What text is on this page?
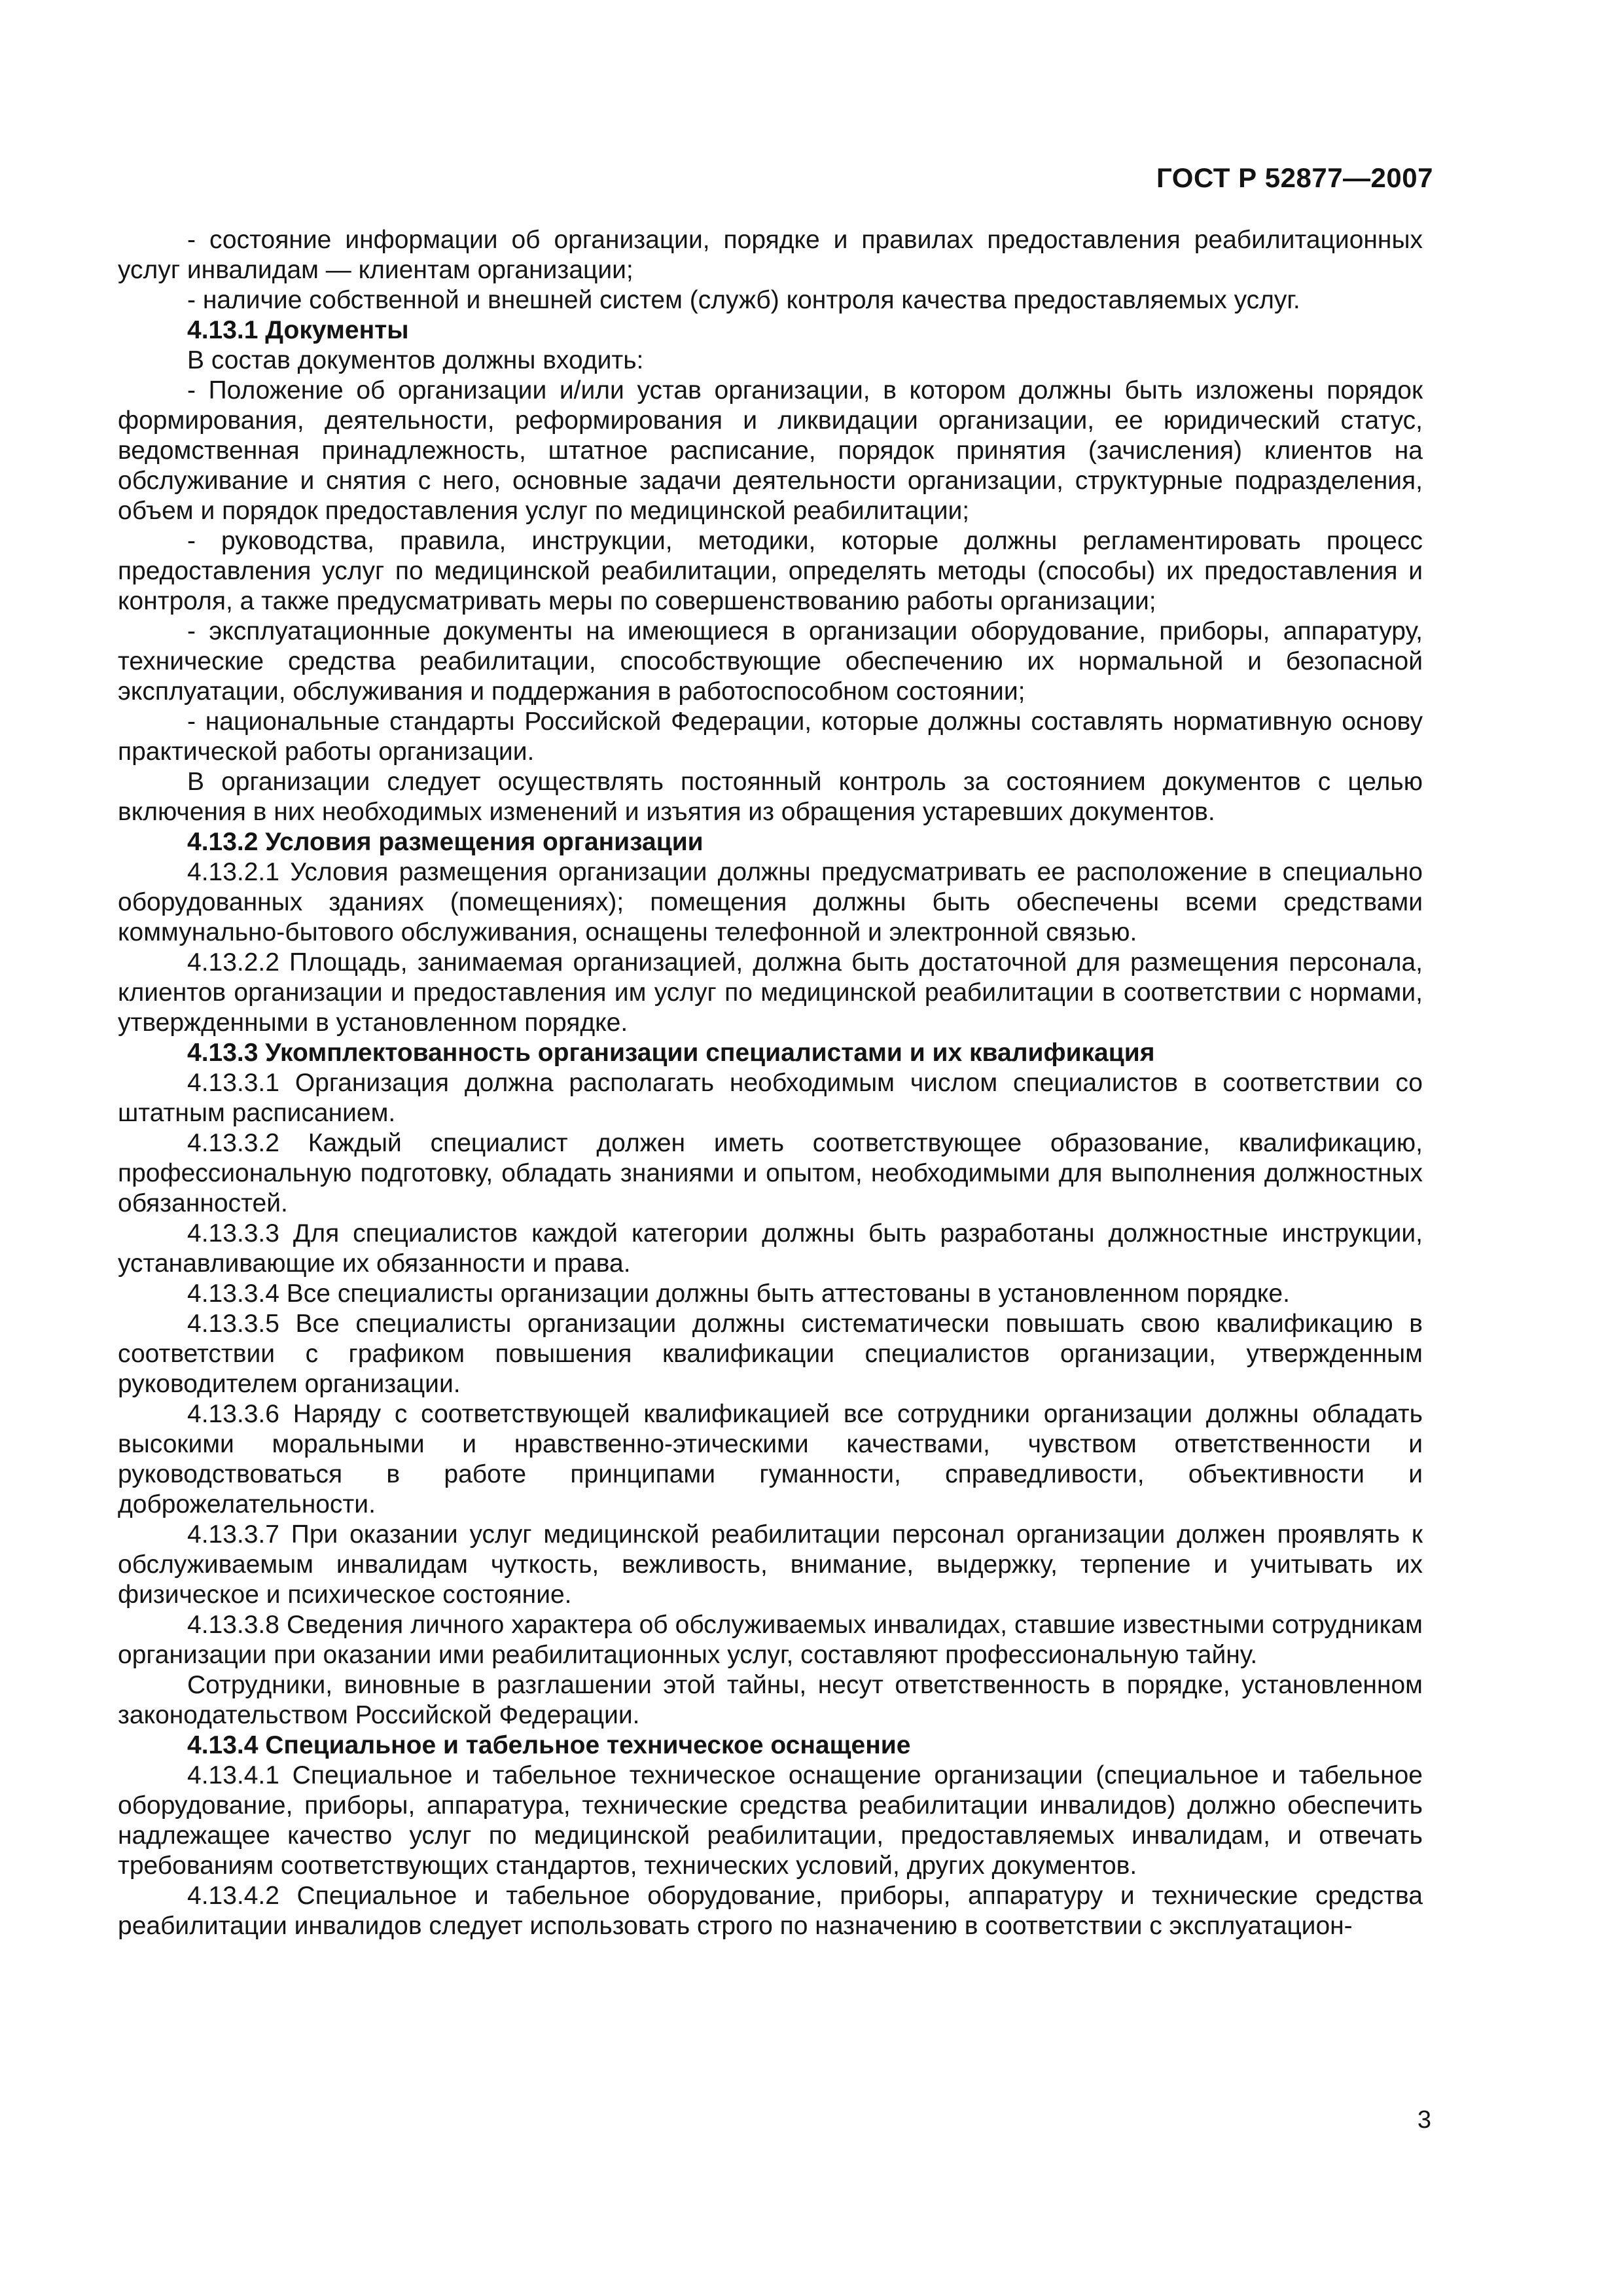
ГОСТ Р 52877—2007

- состояние информации об организации, порядке и правилах предоставления реабилитационных услуг инвалидам — клиентам организации;

- наличие собственной и внешней систем (служб) контроля качества предоставляемых услуг.

4.13.1 Документы

В состав документов должны входить:

- Положение об организации и/или устав организации, в котором должны быть изложены порядок формирования, деятельности, реформирования и ликвидации организации, ее юридический статус, ведомственная принадлежность, штатное расписание, порядок принятия (зачисления) клиентов на обслуживание и снятия с него, основные задачи деятельности организации, структурные подразделения, объем и порядок предоставления услуг по медицинской реабилитации;

- руководства, правила, инструкции, методики, которые должны регламентировать процесс предоставления услуг по медицинской реабилитации, определять методы (способы) их предоставления и контроля, а также предусматривать меры по совершенствованию работы организации;

- эксплуатационные документы на имеющиеся в организации оборудование, приборы, аппаратуру, технические средства реабилитации, способствующие обеспечению их нормальной и безопасной эксплуатации, обслуживания и поддержания в работоспособном состоянии;

- национальные стандарты Российской Федерации, которые должны составлять нормативную основу практической работы организации.

В организации следует осуществлять постоянный контроль за состоянием документов с целью включения в них необходимых изменений и изъятия из обращения устаревших документов.

4.13.2 Условия размещения организации

4.13.2.1 Условия размещения организации должны предусматривать ее расположение в специально оборудованных зданиях (помещениях); помещения должны быть обеспечены всеми средствами коммунально-бытового обслуживания, оснащены телефонной и электронной связью.

4.13.2.2 Площадь, занимаемая организацией, должна быть достаточной для размещения персонала, клиентов организации и предоставления им услуг по медицинской реабилитации в соответствии с нормами, утвержденными в установленном порядке.

4.13.3 Укомплектованность организации специалистами и их квалификация

4.13.3.1 Организация должна располагать необходимым числом специалистов в соответствии со штатным расписанием.

4.13.3.2 Каждый специалист должен иметь соответствующее образование, квалификацию, профессиональную подготовку, обладать знаниями и опытом, необходимыми для выполнения должностных обязанностей.

4.13.3.3 Для специалистов каждой категории должны быть разработаны должностные инструкции, устанавливающие их обязанности и права.

4.13.3.4 Все специалисты организации должны быть аттестованы в установленном порядке.

4.13.3.5 Все специалисты организации должны систематически повышать свою квалификацию в соответствии с графиком повышения квалификации специалистов организации, утвержденным руководителем организации.

4.13.3.6 Наряду с соответствующей квалификацией все сотрудники организации должны обладать высокими моральными и нравственно-этическими качествами, чувством ответственности и руководствоваться в работе принципами гуманности, справедливости, объективности и доброжелательности.

4.13.3.7 При оказании услуг медицинской реабилитации персонал организации должен проявлять к обслуживаемым инвалидам чуткость, вежливость, внимание, выдержку, терпение и учитывать их физическое и психическое состояние.

4.13.3.8 Сведения личного характера об обслуживаемых инвалидах, ставшие известными сотрудникам организации при оказании ими реабилитационных услуг, составляют профессиональную тайну.

Сотрудники, виновные в разглашении этой тайны, несут ответственность в порядке, установленном законодательством Российской Федерации.

4.13.4 Специальное и табельное техническое оснащение

4.13.4.1 Специальное и табельное техническое оснащение организации (специальное и табельное оборудование, приборы, аппаратура, технические средства реабилитации инвалидов) должно обеспечить надлежащее качество услуг по медицинской реабилитации, предоставляемых инвалидам, и отвечать требованиям соответствующих стандартов, технических условий, других документов.

4.13.4.2 Специальное и табельное оборудование, приборы, аппаратуру и технические средства реабилитации инвалидов следует использовать строго по назначению в соответствии с эксплуатацион-

3
